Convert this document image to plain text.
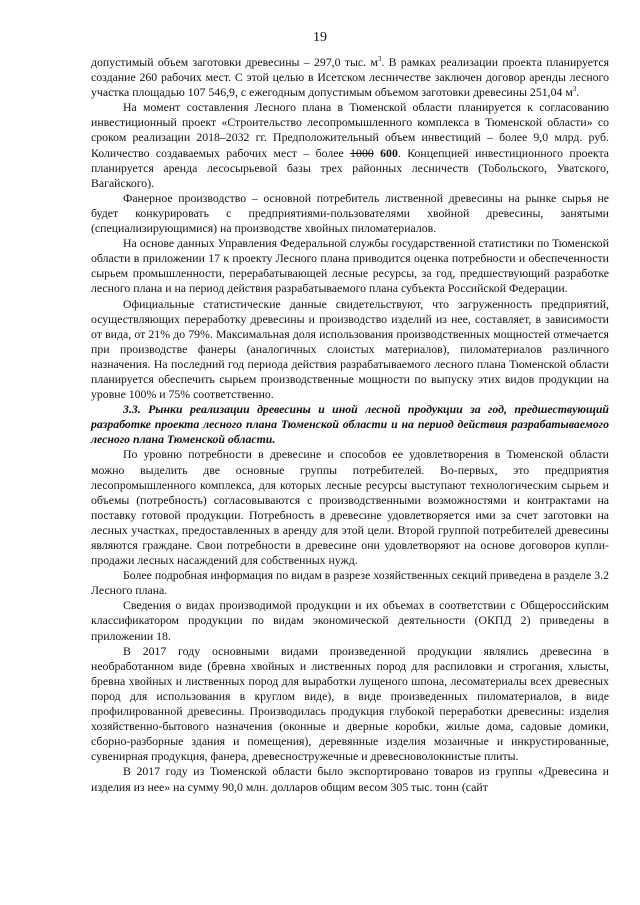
19

допустимый объем заготовки древесины – 297,0 тыс. $м^3$. В рамках реализации проекта планируется создание 260 рабочих мест. С этой целью в Исетском лесничестве заключен договор аренды лесного участка площадью 107 546,9, с ежегодным допустимым объемом заготовки древесины 251,04 $м^3$.

На момент составления Лесного плана в Тюменской области планируется к согласованию инвестиционный проект «Строительство лесопромышленного комплекса в Тюменской области» со сроком реализации 2018–2032 гг. Предположительный объем инвестиций – более 9,0 млрд. руб. Количество создаваемых рабочих мест – более 1000 600. Концепцией инвестиционного проекта планируется аренда лесосырьевой базы трех районных лесничеств (Тобольского, Уватского, Вагайского).

Фанерное производство – основной потребитель лиственной древесины на рынке сырья не будет конкурировать с предприятиями-пользователями хвойной древесины, занятыми (специализирующимися) на производстве хвойных пиломатериалов.

На основе данных Управления Федеральной службы государственной статистики по Тюменской области в приложении 17 к проекту Лесного плана приводится оценка потребности и обеспеченности сырьем промышленности, перерабатывающей лесные ресурсы, за год, предшествующий разработке лесного плана и на период действия разрабатываемого плана субъекта Российской Федерации.

Официальные статистические данные свидетельствуют, что загруженность предприятий, осуществляющих переработку древесины и производство изделий из нее, составляет, в зависимости от вида, от 21% до 79%. Максимальная доля использования производственных мощностей отмечается при производстве фанеры (аналогичных слоистых материалов), пиломатериалов различного назначения. На последний год периода действия разрабатываемого лесного плана Тюменской области планируется обеспечить сырьем производственные мощности по выпуску этих видов продукции на уровне 100% и 75% соответственно.

3.3. Рынки реализации древесины и иной лесной продукции за год, предшествующий разработке проекта лесного плана Тюменской области и на период действия разрабатываемого лесного плана Тюменской области.

По уровню потребности в древесине и способов ее удовлетворения в Тюменской области можно выделить две основные группы потребителей. Во-первых, это предприятия лесопромышленного комплекса, для которых лесные ресурсы выступают технологическим сырьем и объемы (потребность) согласовываются с производственными возможностями и контрактами на поставку готовой продукции. Потребность в древесине удовлетворяется ими за счет заготовки на лесных участках, предоставленных в аренду для этой цели. Второй группой потребителей древесины являются граждане. Свои потребности в древесине они удовлетворяют на основе договоров купли-продажи лесных насаждений для собственных нужд.

Более подробная информация по видам в разрезе хозяйственных секций приведена в разделе 3.2 Лесного плана.

Сведения о видах производимой продукции и их объемах в соответствии с Общероссийским классификатором продукции по видам экономической деятельности (ОКПД 2) приведены в приложении 18.

В 2017 году основными видами произведенной продукции являлись древесина в необработанном виде (бревна хвойных и лиственных пород для распиловки и строгания, хлысты, бревна хвойных и лиственных пород для выработки лущеного шпона, лесоматериалы всех древесных пород для использования в круглом виде), в виде произведенных пиломатериалов, в виде профилированной древесины. Производилась продукция глубокой переработки древесины: изделия хозяйственно-бытового назначения (оконные и дверные коробки, жилые дома, садовые домики, сборно-разборные здания и помещения), деревянные изделия мозаичные и инкрустированные, сувенирная продукция, фанера, древесностружечные и древесноволокнистые плиты.

В 2017 году из Тюменской области было экспортировано товаров из группы «Древесина и изделия из нее» на сумму 90,0 млн. долларов общим весом 305 тыс. тонн (сайт
